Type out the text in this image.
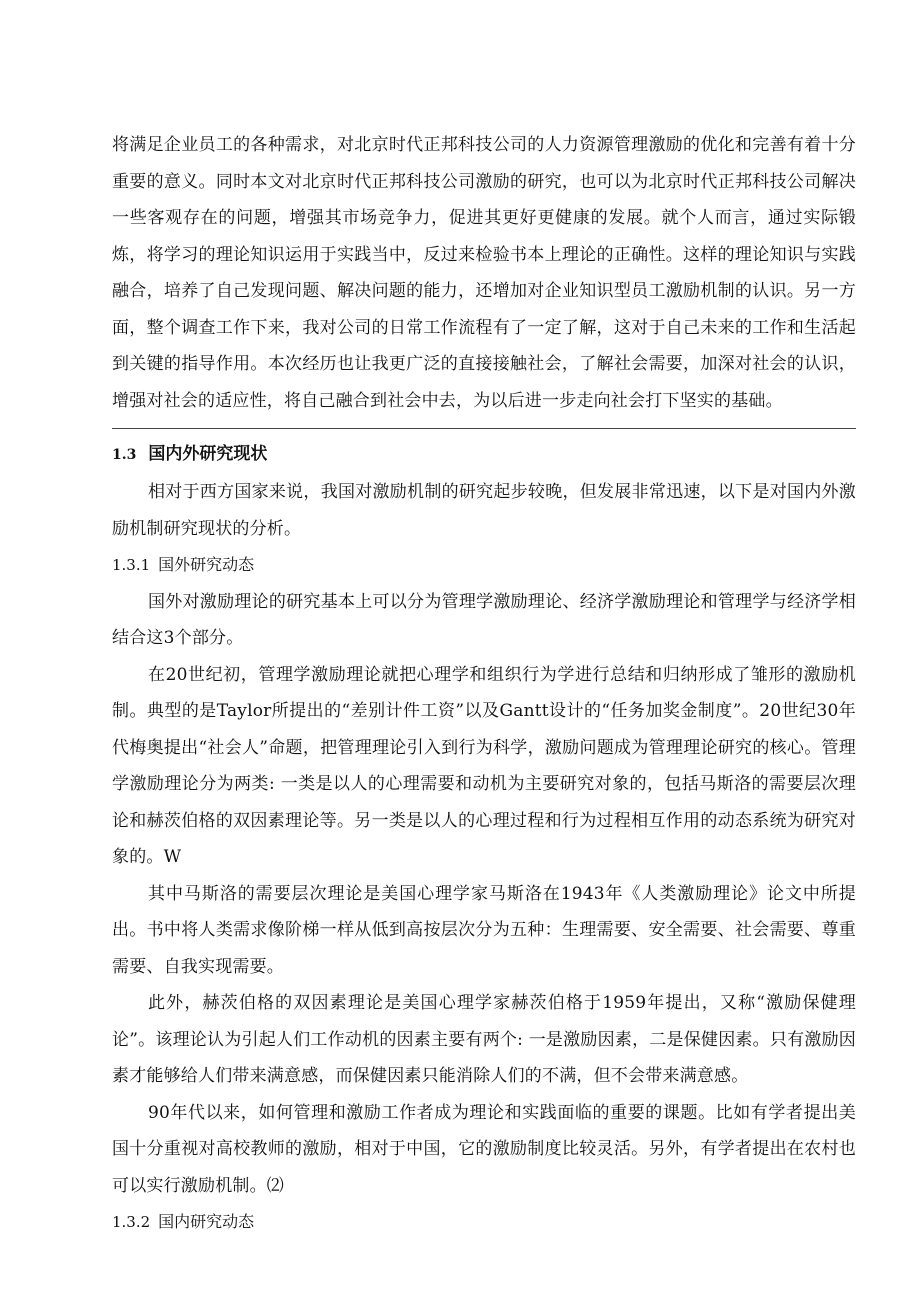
将满足企业员工的各种需求，对北京时代正邦科技公司的人力资源管理激励的优化和完善有着十分重要的意义。同时本文对北京时代正邦科技公司激励的研究，也可以为北京时代正邦科技公司解决一些客观存在的问题，增强其市场竞争力，促进其更好更健康的发展。就个人而言，通过实际锻炼，将学习的理论知识运用于实践当中，反过来检验书本上理论的正确性。这样的理论知识与实践融合，培养了自己发现问题、解决问题的能力，还增加对企业知识型员工激励机制的认识。另一方面，整个调查工作下来，我对公司的日常工作流程有了一定了解，这对于自己未来的工作和生活起到关键的指导作用。本次经历也让我更广泛的直接接触社会，了解社会需要，加深对社会的认识，增强对社会的适应性，将自己融合到社会中去，为以后进一步走向社会打下坚实的基础。

1.3 国内外研究现状

相对于西方国家来说，我国对激励机制的研究起步较晚，但发展非常迅速，以下是对国内外激励机制研究现状的分析。

1.3.1 国外研究动态

国外对激励理论的研究基本上可以分为管理学激励理论、经济学激励理论和管理学与经济学相结合这3个部分。

在20世纪初，管理学激励理论就把心理学和组织行为学进行总结和归纳形成了雏形的激励机制。典型的是Taylor所提出的“差别计件工资”以及Gantt设计的“任务加奖金制度”。20世纪30年代梅奥提出“社会人”命题，把管理理论引入到行为科学，激励问题成为管理理论研究的核心。管理学激励理论分为两类: 一类是以人的心理需要和动机为主要研究对象的，包括马斯洛的需要层次理论和赫茨伯格的双因素理论等。另一类是以人的心理过程和行为过程相互作用的动态系统为研究对象的。W

其中马斯洛的需要层次理论是美国心理学家马斯洛在1943年《人类激励理论》论文中所提出。书中将人类需求像阶梯一样从低到高按层次分为五种：生理需要、安全需要、社会需要、尊重需要、自我实现需要。

此外，赫茨伯格的双因素理论是美国心理学家赫茨伯格于1959年提出，又称“激励保健理论”。该理论认为引起人们工作动机的因素主要有两个: 一是激励因素，二是保健因素。只有激励因素才能够给人们带来满意感，而保健因素只能消除人们的不满，但不会带来满意感。

90年代以来，如何管理和激励工作者成为理论和实践面临的重要的课题。比如有学者提出美国十分重视对高校教师的激励，相对于中国，它的激励制度比较灵活。另外，有学者提出在农村也可以实行激励机制。⑵

1.3.2 国内研究动态
